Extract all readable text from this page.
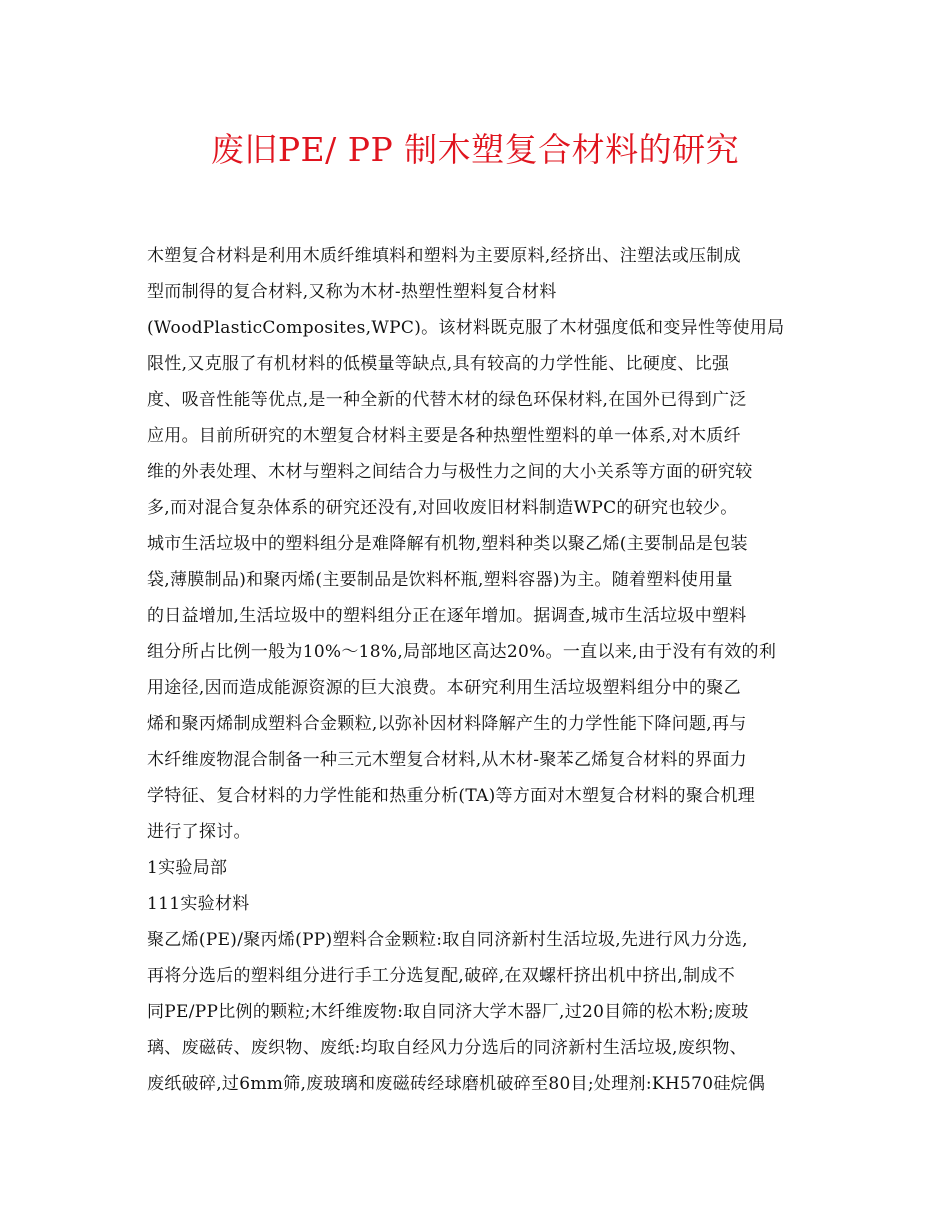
废旧PE/ PP 制木塑复合材料的研究
木塑复合材料是利用木质纤维填料和塑料为主要原料,经挤出、注塑法或压制成
型而制得的复合材料,又称为木材-热塑性塑料复合材料
(WoodPlasticComposites,WPC)。该材料既克服了木材强度低和变异性等使用局
限性,又克服了有机材料的低模量等缺点,具有较高的力学性能、比硬度、比强
度、吸音性能等优点,是一种全新的代替木材的绿色环保材料,在国外已得到广泛
应用。目前所研究的木塑复合材料主要是各种热塑性塑料的单一体系,对木质纤
维的外表处理、木材与塑料之间结合力与极性力之间的大小关系等方面的研究较
多,而对混合复杂体系的研究还没有,对回收废旧材料制造WPC的研究也较少。
城市生活垃圾中的塑料组分是难降解有机物,塑料种类以聚乙烯(主要制品是包装
袋,薄膜制品)和聚丙烯(主要制品是饮料杯瓶,塑料容器)为主。随着塑料使用量
的日益增加,生活垃圾中的塑料组分正在逐年增加。据调查,城市生活垃圾中塑料
组分所占比例一般为10%～18%,局部地区高达20%。一直以来,由于没有有效的利
用途径,因而造成能源资源的巨大浪费。本研究利用生活垃圾塑料组分中的聚乙
烯和聚丙烯制成塑料合金颗粒,以弥补因材料降解产生的力学性能下降问题,再与
木纤维废物混合制备一种三元木塑复合材料,从木材-聚苯乙烯复合材料的界面力
学特征、复合材料的力学性能和热重分析(TA)等方面对木塑复合材料的聚合机理
进行了探讨。
1实验局部
111实验材料
聚乙烯(PE)/聚丙烯(PP)塑料合金颗粒:取自同济新村生活垃圾,先进行风力分选,
再将分选后的塑料组分进行手工分选复配,破碎,在双螺杆挤出机中挤出,制成不
同PE/PP比例的颗粒;木纤维废物:取自同济大学木器厂,过20目筛的松木粉;废玻
璃、废磁砖、废织物、废纸:均取自经风力分选后的同济新村生活垃圾,废织物、
废纸破碎,过6mm筛,废玻璃和废磁砖经球磨机破碎至80目;处理剂:KH570硅烷偶
